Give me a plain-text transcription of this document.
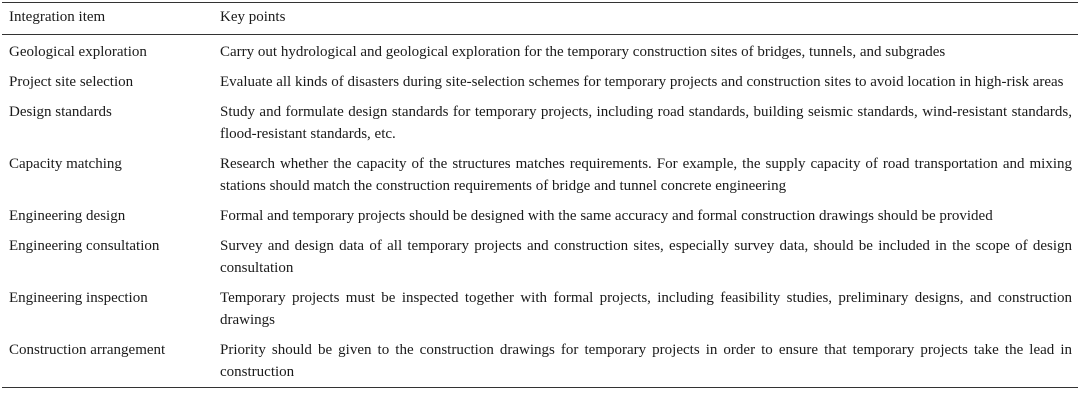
Integration item	Key points
Geological exploration	Carry out hydrological and geological exploration for the temporary construction sites of bridges, tunnels, and subgrades
Project site selection	Evaluate all kinds of disasters during site-selection schemes for temporary projects and construction sites to avoid location in high-risk areas
Design standards	Study and formulate design standards for temporary projects, including road standards, building seismic standards, wind-resistant standards, flood-resistant standards, etc.
Capacity matching	Research whether the capacity of the structures matches requirements. For example, the supply capacity of road transportation and mixing stations should match the construction requirements of bridge and tunnel concrete engineering
Engineering design	Formal and temporary projects should be designed with the same accuracy and formal construction drawings should be provided
Engineering consultation	Survey and design data of all temporary projects and construction sites, especially survey data, should be included in the scope of design consultation
Engineering inspection	Temporary projects must be inspected together with formal projects, including feasibility studies, preliminary designs, and construction drawings
Construction arrangement	Priority should be given to the construction drawings for temporary projects in order to ensure that temporary projects take the lead in construction
